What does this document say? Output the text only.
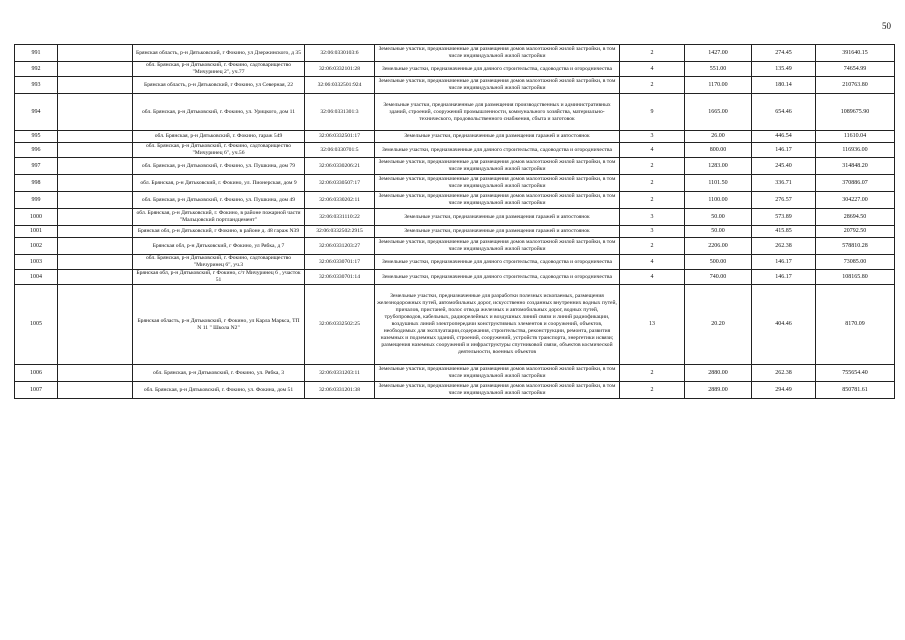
50
991		Брянская область, р-н Дятьковский, г Фокино, ул Дзержинского, д 35	32:06:0330103:6	Земельные участки, предназначенные для размещения домов малоэтажной жилой застройки, в том числе индивидуальной жилой застройки	2	1427.00	274.45	391640.15
992		обл. Брянская, р-н Дятьковский, г. Фокино, садтоварищество "Мичуринец 2", уч.77	32:06:0332101:28	Земельные участки, предназначенные для дачного строительства, садоводства и огородничества	4	551.00	135.49	74654.99
993		Брянская область, р-н Дятьковский, г Фокино, ул Северная, 22	32:06:0332501:924	Земельные участки, предназначенные для размещения домов малоэтажной жилой застройки, в том числе индивидуальной жилой застройки	2	1170.00	180.14	210763.80
994		обл. Брянская, р-н Дятьковский, г. Фокино, ул. Урицкого, дом 11	32:06:0331301:3	Земельные участки, предназначенные для размещения производственных и административных зданий, строений, сооружений промышленности, коммунального хозяйства, материально-технического, продовольственного снабжения, сбыта и заготовок	9	1665.00	654.46	1089675.90
995		обл. Брянская, р-н Дятьковский, г. Фокино, гараж 549	32:06:0332501:17	Земельные участки, предназначенные для размещения гаражей и автостоянок	3	26.00	446.54	11610.04
996		обл. Брянская, р-н Дятьковский, г. Фокино, садтоварищество "Мичуринец 6", уч.56	32:06:0330701:5	Земельные участки, предназначенные для дачного строительства, садоводства и огородничества	4	800.00	146.17	116936.00
997		обл. Брянская, р-н Дятьковский, г. Фокино, ул. Пушкина, дом 79	32:06:0330206:21	Земельные участки, предназначенные для размещения домов малоэтажной жилой застройки, в том числе индивидуальной жилой застройки	2	1283.00	245.40	314848.20
998		обл. Брянская, р-н Дятьковский, г. Фокино, ул. Пионерская, дом 9	32:06:0330507:17	Земельные участки, предназначенные для размещения домов малоэтажной жилой застройки, в том числе индивидуальной жилой застройки	2	1101.50	336.71	370886.07
999		обл. Брянская, р-н Дятьковский, г. Фокино, ул. Пушкина, дом 49	32:06:0330202:11	Земельные участки, предназначенные для размещения домов малоэтажной жилой застройки, в том числе индивидуальной жилой застройки	2	1100.00	276.57	304227.00
1000		обл. Брянская, р-н Дятьковский, г. Фокино, в районе пожарной части "Мальцовский портландцемент"	32:06:0331110:22	Земельные участки, предназначенные для размещения гаражей и автостоянок	3	50.00	573.89	28694.50
1001		Брянская обл, р-н Дятьковский, г Фокино, в районе д. 48 гараж N39	32:06:0332502:2915	Земельные участки, предназначенные для размещения гаражей и автостоянок	3	50.00	415.85	20792.50
1002		Брянская обл, р-н Дятьковский, г Фокино, ул Рябка, д 7	32:06:0331203:27	Земельные участки, предназначенные для размещения домов малоэтажной жилой застройки, в том числе индивидуальной жилой застройки	2	2206.00	262.38	578810.28
1003		обл. Брянская, р-н Дятьковский, г. Фокино, садтоварищество "Мичуринец 6", уч.3	32:06:0330701:17	Земельные участки, предназначенные для дачного строительства, садоводства и огородничества	4	500.00	146.17	73085.00
1004		Брянская обл, р-н Дятьковский, г Фокино, с/т Мичуринец 6 , участок 51	32:06:0330701:14	Земельные участки, предназначенные для дачного строительства, садоводства и огородничества	4	740.00	146.17	108165.80
1005		Брянская область, р-н Дятьковский, г Фокино, ул Карла Маркса, ТП N 11 " Школа N2"	32:06:0332502:25	Земельные участки, предназначенные для разработки полезных ископаемых, размещения железнодорожных путей, автомобильных дорог, искусственно созданных внутренних водных путей, причалов, пристаней, полос отвода железных и автомобильных дорог, водных путей, трубопроводов, кабельных, радиорелейных и воздушных линий связи и линий радиофикации, воздушных линий электропередачи конструктивных элементов и сооружений, объектов, необходимых для эксплуатации,содержания, строительства, реконструкции, ремонта, развития наземных и подземных зданий, строений, сооружений, устройств транспорта, энергетики исвязи; размещения наземных сооружений и инфраструктуры спутниковой связи, объектов космической деятельности, военных объектов	13	20.20	404.46	8170.09
1006		обл. Брянская, р-н Дятьковский, г. Фокино, ул. Рябка, 3	32:06:0331203:11	Земельные участки, предназначенные для размещения домов малоэтажной жилой застройки, в том числе индивидуальной жилой застройки	2	2880.00	262.38	755654.40
1007		обл. Брянская, р-н Дятьковский, г. Фокино, ул. Фокина, дом 51	32:06:0331201:38	Земельные участки, предназначенные для размещения домов малоэтажной жилой застройки, в том числе индивидуальной жилой застройки	2	2889.00	294.49	850781.61
